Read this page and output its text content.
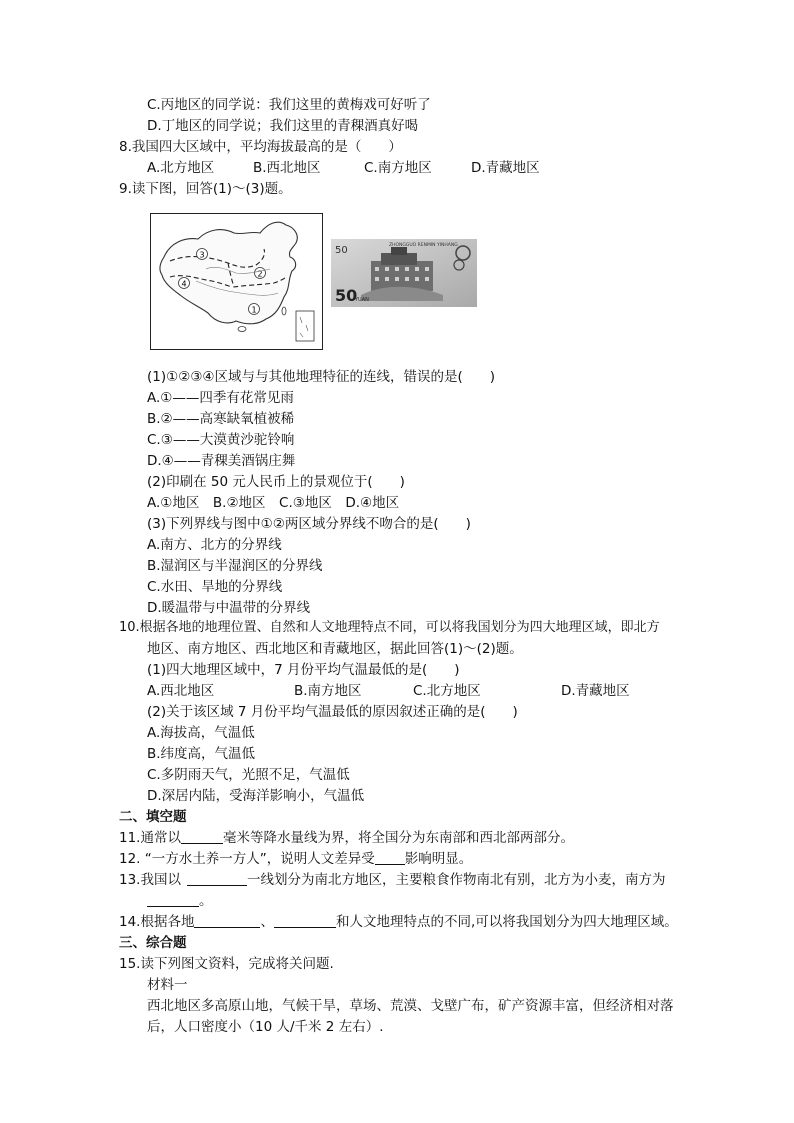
C.丙地区的同学说：我们这里的黄梅戏可好听了
D.丁地区的同学说；我们这里的青稞酒真好喝
8.我国四大区域中，平均海拔最高的是（　　）
A.北方地区	B.西北地区	C.南方地区	D.青藏地区
9.读下图，回答(1)～(3)题。
3
4
2
1
50	ZHONGGUO RENMIN YINHANG
50
YUAN
(1)①②③④区域与与其他地理特征的连线，错误的是(　　)
A.①——四季有花常见雨
B.②——高寒缺氧植被稀
C.③——大漠黄沙驼铃响
D.④——青稞美酒锅庄舞
(2)印刷在 50 元人民币上的景观位于(　　)
A.①地区　B.②地区　C.③地区　D.④地区
(3)下列界线与图中①②两区域分界线不吻合的是(　　)
A.南方、北方的分界线
B.湿润区与半湿润区的分界线
C.水田、旱地的分界线
D.暖温带与中温带的分界线
10.根据各地的地理位置、自然和人文地理特点不同，可以将我国划分为四大地理区域，即北方
地区、南方地区、西北地区和青藏地区，据此回答(1)～(2)题。
(1)四大地理区域中，7 月份平均气温最低的是(　　)
A.西北地区	B.南方地区	C.北方地区	D.青藏地区
(2)关于该区域 7 月份平均气温最低的原因叙述正确的是(　　)
A.海拔高，气温低
B.纬度高，气温低
C.多阴雨天气，光照不足，气温低
D.深居内陆，受海洋影响小，气温低
二、填空题
11.通常以	毫米等降水量线为界，将全国分为东南部和西北部两部分。
12. “一方水土养一方人”，说明人文差异受 影响明显。
13.我国以	一线划分为南北方地区，主要粮食作物南北有别，北方为小麦，南方为
。
14.根据各地	、	和人文地理特点的不同,可以将我国划分为四大地理区域。
三、综合题
15.读下列图文资料，完成将关问题.
材料一
西北地区多高原山地，气候干旱，草场、荒漠、戈壁广布，矿产资源丰富，但经济相对落
后，人口密度小（10 人/千米 2 左右）.
